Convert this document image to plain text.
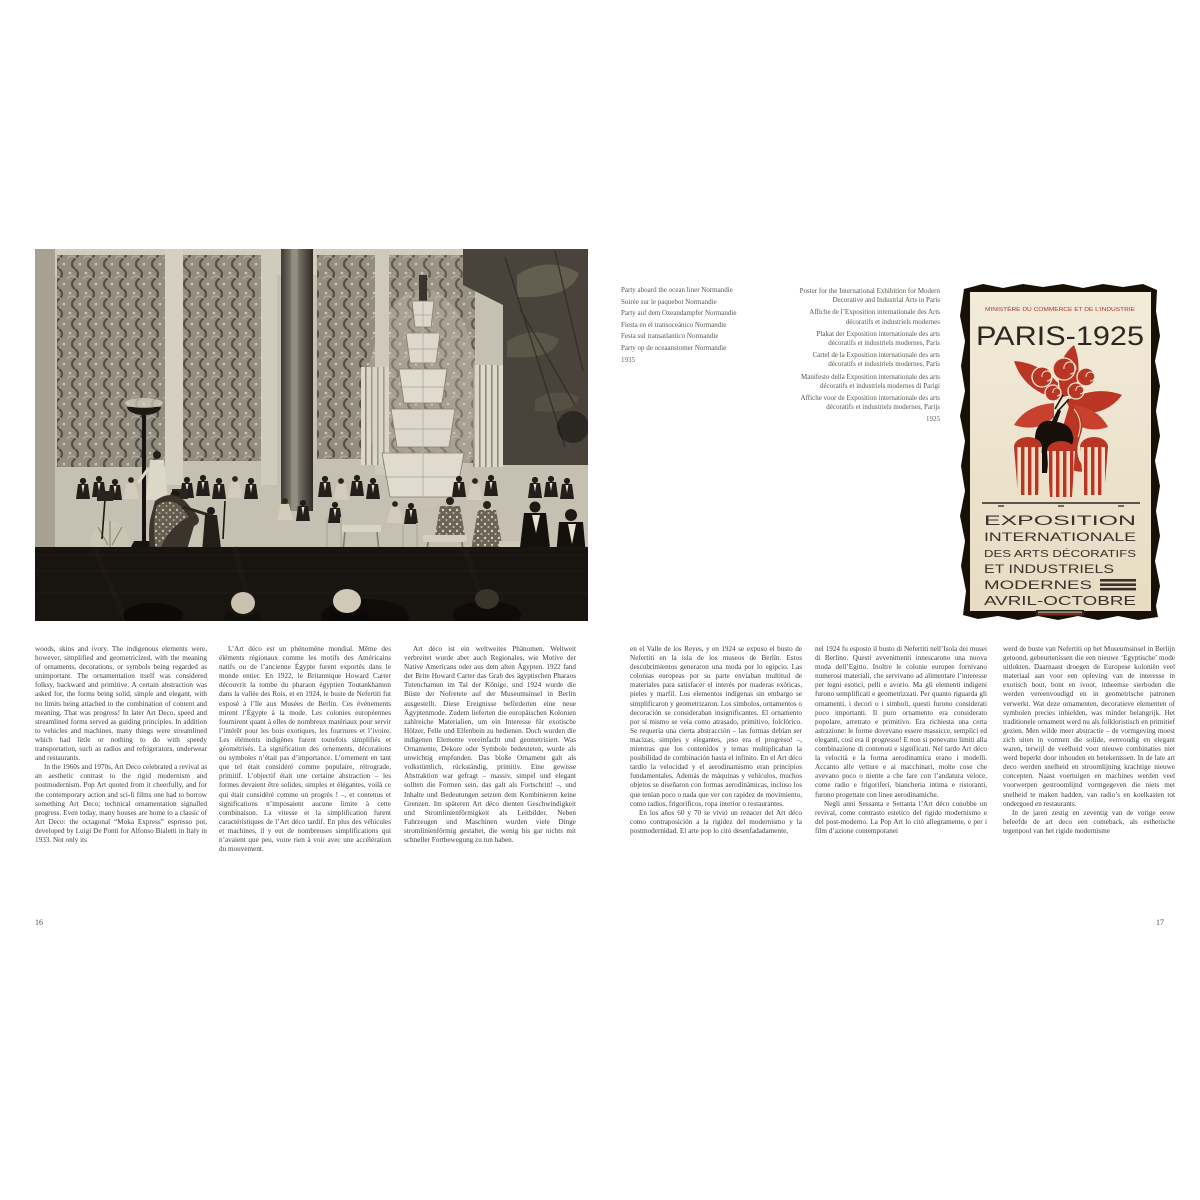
Party aboard the ocean liner Normandie
Soirée sur le paquebot Normandie
Party auf dem Ozeandampfer Normandie
Fiesta en el transoceánico Normandie
Festa sul transatlantico Normandie
Party op de oceaanstomer Normandie
1935
Poster for the International Exhibition for Modern Decorative and Industrial Arts in Paris
Affiche de l’Exposition internationale des Arts décoratifs et industriels modernes
Plakat der Exposition internationale des arts décoratifs et industriels modernes, Paris
Cartel de la Exposition internationale des arts décoratifs et industriels modernes, París
Manifesto della Exposition internationale des arts décoratifs et industriels modernes di Parigi
Affiche voor de Exposition internationale des arts décoratifs et industriels modernes, Parijs
1925
MINISTÈRE DU COMMERCE ET DE L’INDUSTRIE
PARIS-1925
EXPOSITION
INTERNATIONALE
DES ARTS DÉCORATIFS
ET INDUSTRIELS
MODERNES
AVRIL-OCTOBRE

woods, skins and ivory. The indigenous elements were, however, simplified and geometricized, with the meaning of ornaments, decorations, or symbols being regarded as unimportant. The ornamentation itself was considered folksy, backward and primitive. A certain abstraction was asked for, the forms being solid, simple and elegant, with no limits being attached to the combination of content and meaning. That was progress! In later Art Deco, speed and streamlined forms served as guiding principles. In addition to vehicles and machines, many things were streamlined which had little or nothing to do with speedy transportation, such as radios and refrigerators, underwear and restaurants.

In the 1960s and 1970s, Art Deco celebrated a revival as an aesthetic contrast to the rigid modernism and postmodernism. Pop Art quoted from it cheerfully, and for the contemporary action and sci-fi films one had to borrow something Art Deco; technical ornamentation signalled progress. Even today, many houses are home to a classic of Art Deco: the octagonal “Moka Express” espresso pot, developed by Luigi De Ponti for Alfonso Bialetti in Italy in 1933. Not only its

L’Art déco est un phénomène mondial. Même des éléments régionaux comme les motifs des Américains natifs ou de l’ancienne Égypte furent exportés dans le monde entier. En 1922, le Britannique Howard Carter découvrit la tombe du pharaon égyptien Toutankhamon dans la vallée des Rois, et en 1924, le buste de Nefertiti fut exposé à l’île aux Musées de Berlin. Ces événements mirent l’Égypte à la mode. Les colonies européennes fournirent quant à elles de nombreux matériaux pour servir l’intérêt pour les bois exotiques, les fourrures et l’ivoire. Les éléments indigènes furent toutefois simplifiés et géométrisés. La signification des ornements, décorations ou symboles n’était pas d’importance. L’ornement en tant que tel était considéré comme populaire, rétrograde, primitif. L’objectif était une certaine abstraction – les formes devaient être solides, simples et élégantes, voilà ce qui était considéré comme un progrès ! –, et contenus et significations n’imposaient aucune limite à cette combinaison. La vitesse et la simplification furent caractéristiques de l’Art déco tardif. En plus des véhicules et machines, il y eut de nombreuses simplifications qui n’avaient que peu, voire rien à voir avec une accélération du mouvement.

Art déco ist ein weltweites Phänomen. Weltweit verbreitet wurde aber auch Regionales, wie Motive der Native Americans oder aus dem alten Ägypten. 1922 fand der Brite Howard Carter das Grab des ägyptischen Pharaos Tutenchamun im Tal der Könige, und 1924 wurde die Büste der Nofretete auf der Museumsinsel in Berlin ausgestellt. Diese Ereignisse beförderten eine neue Ägyptenmode. Zudem lieferten die europäischen Kolonien zahlreiche Materialien, um ein Interesse für exotische Hölzer, Felle und Elfenbein zu bedienen. Doch wurden die indigenen Elemente vereinfacht und geometrisiert. Was Ornamente, Dekore oder Symbole bedeuteten, wurde als unwichtig empfunden. Das bloße Ornament galt als volkstümlich, rückständig, primitiv. Eine gewisse Abstraktion war gefragt – massiv, simpel und elegant sollten die Formen sein, das galt als Fortschritt! –, und Inhalte und Bedeutungen setzten dem Kombinieren keine Grenzen. Im späteren Art déco dienten Geschwindigkeit und Stromlinienförmigkeit als Leitbilder. Neben Fahrzeugen und Maschinen wurden viele Dinge stromlinienförmig gestaltet, die wenig bis gar nichts mit schneller Fortbewegung zu tun haben.

en el Valle de los Reyes, y en 1924 se expuso el busto de Nefertiti en la isla de los museos de Berlín. Estos descubrimientos generaron una moda por lo egipcio. Las colonias europeas por su parte enviaban multitud de materiales para satisfacer el interés por maderas exóticas, pieles y marfil. Los elementos indígenas sin embargo se simplificaron y geometrizaron. Los símbolos, ornamentos o decoración se consideraban insignificantes. El ornamento por sí mismo se veía como atrasado, primitivo, folclórico. Se requería una cierta abstracción – las formas debían ser macizas, simples y elegantes, ¡eso era el progreso! –, mientras que los contenidos y temas multiplicaban la posibilidad de combinación hasta el infinito. En el Art déco tardío la velocidad y el aerodinamismo eran principios fundamentales. Además de máquinas y vehículos, muchos objetos se diseñaron con formas aerodinámicas, incluso los que tenían poco o nada que ver con rapidez de movimiento, como radios, frigoríficos, ropa interior o restaurantes.

En los años 60 y 70 se vivió un renacer del Art déco como contraposición a la rigidez del modernismo y la postmodernidad. El arte pop lo citó desenfadadamente,

nel 1924 fu esposto il busto di Nefertiti nell’Isola dei musei di Berlino. Questi avvenimenti innescarono una nuova moda dell’Egitto. Inoltre le colonie europee fornivano numerosi materiali, che servivano ad alimentare l’interesse per legni esotici, pelli e avorio. Ma gli elementi indigeni furono semplificati e geometrizzati. Per quanto riguarda gli ornamenti, i decori o i simboli, questi furono considerati poco importanti. Il puro ornamento era considerato popolare, arretrato e primitivo. Era richiesta una certa astrazione: le forme dovevano essere massicce, semplici ed eleganti, così era il progresso! E non si ponevano limiti alla combinazione di contenuti e significati. Nel tardo Art déco la velocità e la forma aerodinamica erano i modelli. Accanto alle vetture e ai macchinari, molte cose che avevano poco o niente a che fare con l’andatura veloce, come radio e frigoriferi, biancheria intima e ristoranti, furono progettate con linee aerodinamiche.

Negli anni Sessanta e Settanta l’Art déco conobbe un revival, come contrasto estetico del rigido modernismo e del post-moderno. La Pop Art lo citò allegramente, e per i film d’azione contemporanei

werd de buste van Nefertiti op het Museumsinsel in Berlijn getoond, gebeurtenissen die een nieuwe ‘Egyptische’ mode uitlokten. Daarnaast droegen de Europese koloniën veel materiaal aan voor een opleving van de interesse in exotisch hout, bont en ivoor, inheemse sierboden die werden vereenvoudigd en in geometrische patronen verwerkt. Wat deze ornamenten, decoratieve elementen of symbolen precies inhielden, was minder belangrijk. Het traditionele ornament werd nu als folkloristisch en primitief gezien. Men wilde meer abstractie – de vormgeving moest zich uiten in vormen die solide, eenvoudig en elegant waren, terwijl de veelheid voor nieuwe combinaties niet werd beperkt door inhouden en betekenissen. In de late art deco werden snelheid en stroomlijning krachtige nieuwe concepten. Naast voertuigen en machines werden veel voorwerpen gestroomlijnd vormgegeven die niets met snelheid te maken hadden, van radio’s en koelkasten tot ondergoed en restaurants.

In de jaren zestig en zeventig van de vorige eeuw beleefde de art deco een comeback, als esthetische tegenpool van het rigide modernisme

16	17
